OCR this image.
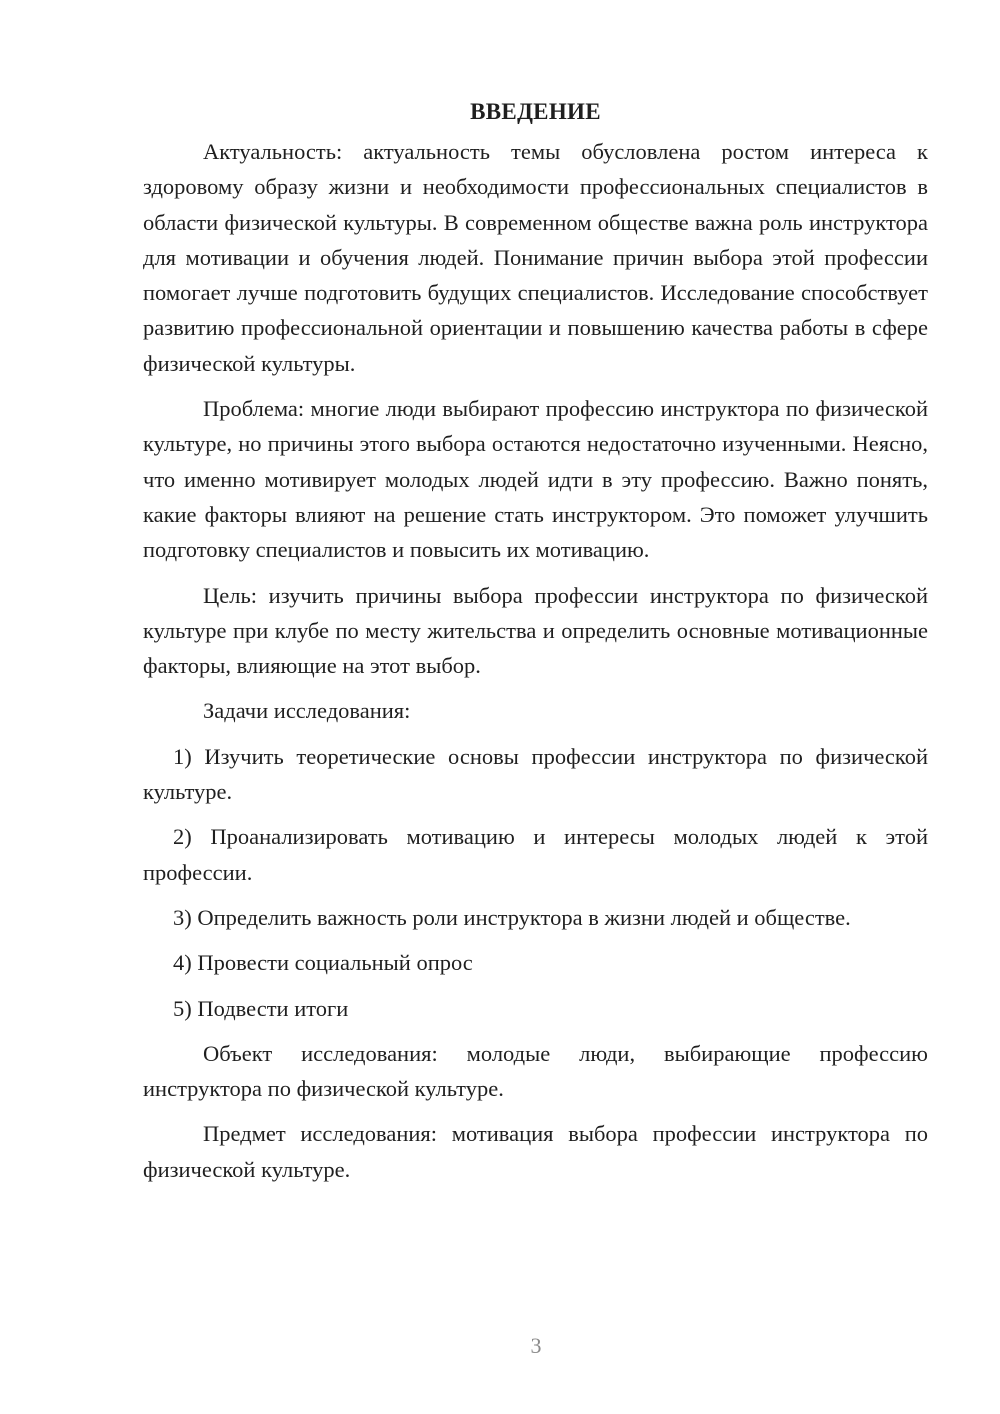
ВВЕДЕНИЕ

Актуальность: актуальность темы обусловлена ростом интереса к здоровому образу жизни и необходимости профессиональных специалистов в области физической культуры. В современном обществе важна роль инструктора для мотивации и обучения людей. Понимание причин выбора этой профессии помогает лучше подготовить будущих специалистов. Исследование способствует развитию профессиональной ориентации и повышению качества работы в сфере физической культуры.

Проблема: многие люди выбирают профессию инструктора по физической культуре, но причины этого выбора остаются недостаточно изученными. Неясно, что именно мотивирует молодых людей идти в эту профессию. Важно понять, какие факторы влияют на решение стать инструктором. Это поможет улучшить подготовку специалистов и повысить их мотивацию.

Цель: изучить причины выбора профессии инструктора по физической культуре при клубе по месту жительства и определить основные мотивационные факторы, влияющие на этот выбор.

Задачи исследования:

1) Изучить теоретические основы профессии инструктора по физической культуре.

2) Проанализировать мотивацию и интересы молодых людей к этой профессии.

3) Определить важность роли инструктора в жизни людей и обществе.

4) Провести социальный опрос

5) Подвести итоги

Объект исследования: молодые люди, выбирающие профессию инструктора по физической культуре.

Предмет исследования: мотивация выбора профессии инструктора по физической культуре.

3
